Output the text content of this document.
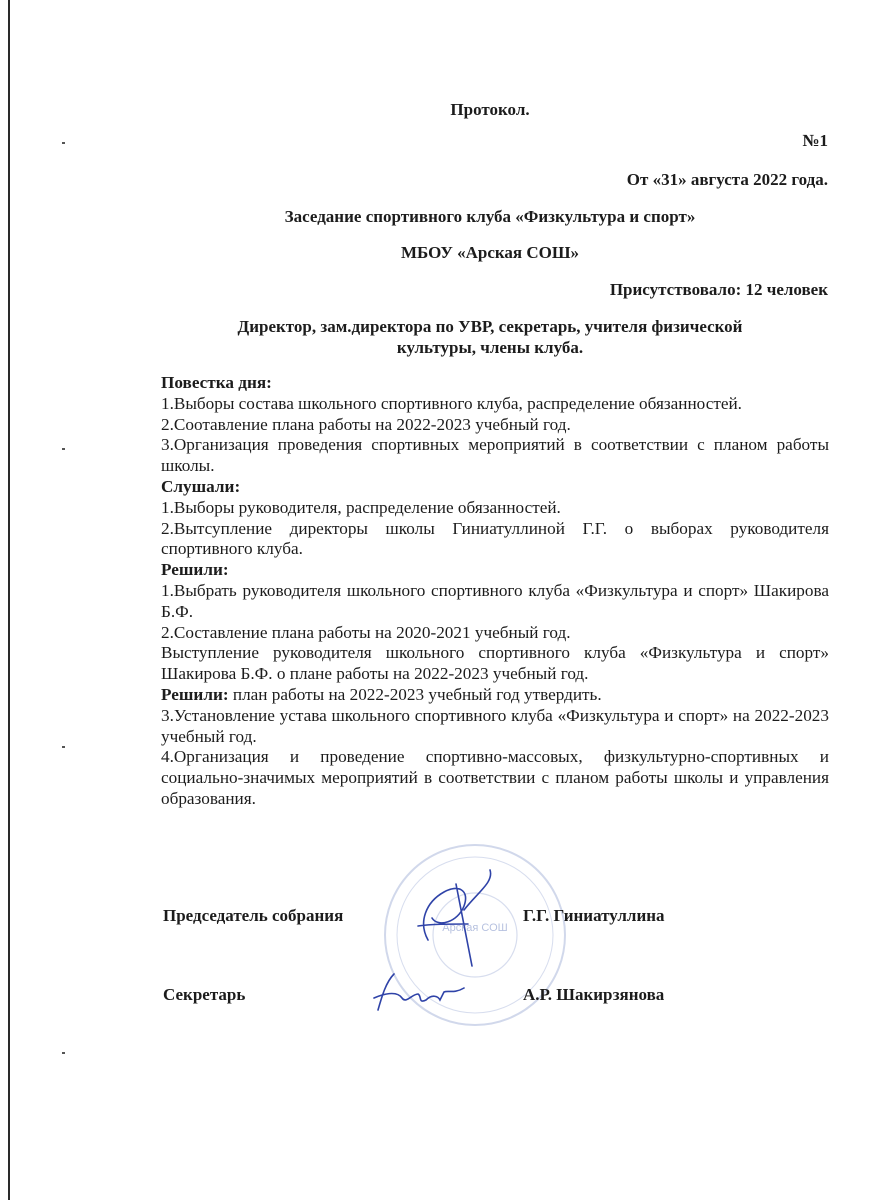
Протокол.
№1
От «31» августа 2022 года.
Заседание спортивного клуба «Физкультура и спорт»
МБОУ «Арская СОШ»
Присутствовало: 12 человек
Директор, зам.директора по УВР, секретарь, учителя физической
культуры, члены клуба.

Повестка дня:

1.Выборы состава школьного спортивного клуба, распределение обязанностей.

2.Соотавление плана работы на 2022-2023 учебный год.

3.Организация проведения спортивных мероприятий в соответствии с планом работы школы.

Слушали:

1.Выборы руководителя, распределение обязанностей.

2.Вытсупление директоры школы Гиниатуллиной Г.Г. о выборах руководителя спортивного клуба.

Решили:

1.Выбрать руководителя школьного спортивного клуба «Физкультура и спорт» Шакирова Б.Ф.

2.Составление плана работы на 2020-2021 учебный год.

Выступление руководителя школьного спортивного клуба «Физкультура и спорт» Шакирова Б.Ф. о плане работы на 2022-2023 учебный год.

Решили: план работы на 2022-2023 учебный год утвердить.

3.Установление устава школьного спортивного клуба «Физкультура и спорт» на 2022-2023 учебный год.

4.Организация и проведение спортивно-массовых, физкультурно-спортивных и социально-значимых мероприятий в соответствии с планом работы школы и управления образования.

Арская СОШ
Председатель собрания	Г.Г. Гиниатуллина
Секретарь	А.Р. Шакирзянова
